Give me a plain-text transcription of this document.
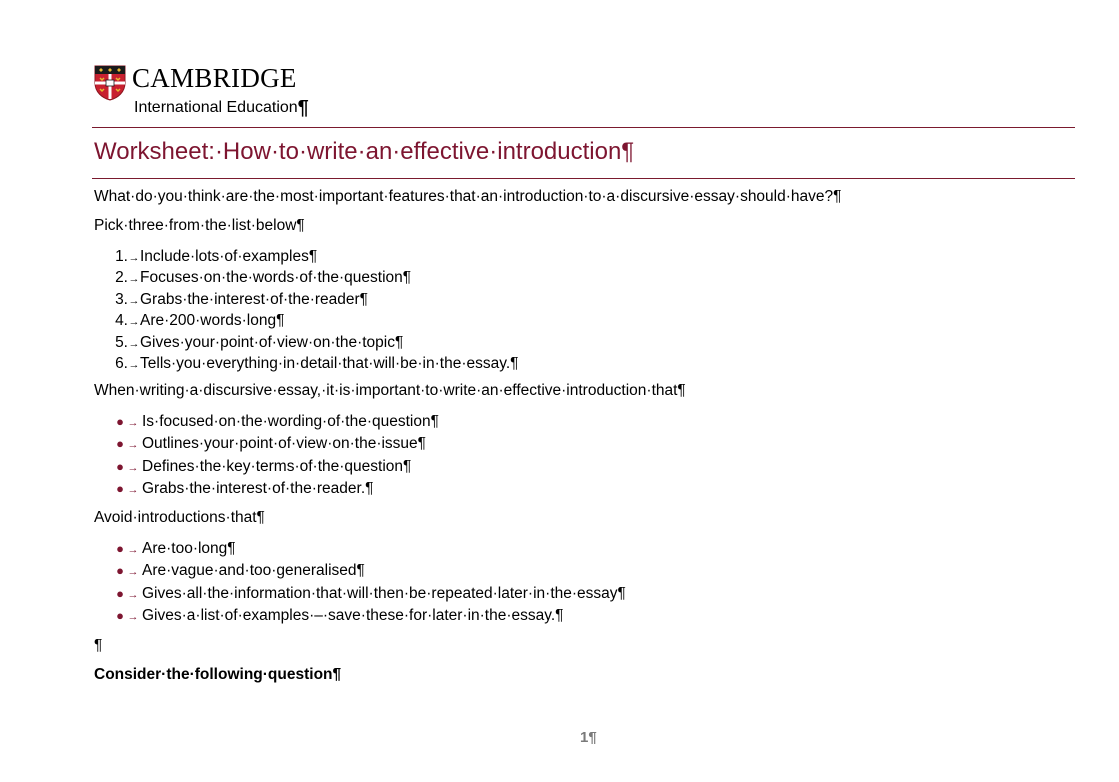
CAMBRIDGE
International Education¶
Worksheet:·How·to·write·an·effective·introduction¶
What·do·you·think·are·the·most·important·features·that·an·introduction·to·a·discursive·essay·should·have?¶
Pick·three·from·the·list·below¶
1.→Include·lots·of·examples¶
2.→Focuses·on·the·words·of·the·question¶
3.→Grabs·the·interest·of·the·reader¶
4.→Are·200·words·long¶
5.→Gives·your·point·of·view·on·the·topic¶
6.→Tells·you·everything·in·detail·that·will·be·in·the·essay.¶
When·writing·a·discursive·essay,·it·is·important·to·write·an·effective·introduction·that¶
● → Is·focused·on·the·wording·of·the·question¶
● → Outlines·your·point·of·view·on·the·issue¶
● → Defines·the·key·terms·of·the·question¶
● → Grabs·the·interest·of·the·reader.¶
Avoid·introductions·that¶
● → Are·too·long¶
● → Are·vague·and·too·generalised¶
● → Gives·all·the·information·that·will·then·be·repeated·later·in·the·essay¶
● → Gives·a·list·of·examples·–·save·these·for·later·in·the·essay.¶
¶
Consider·the·following·question¶
1¶
